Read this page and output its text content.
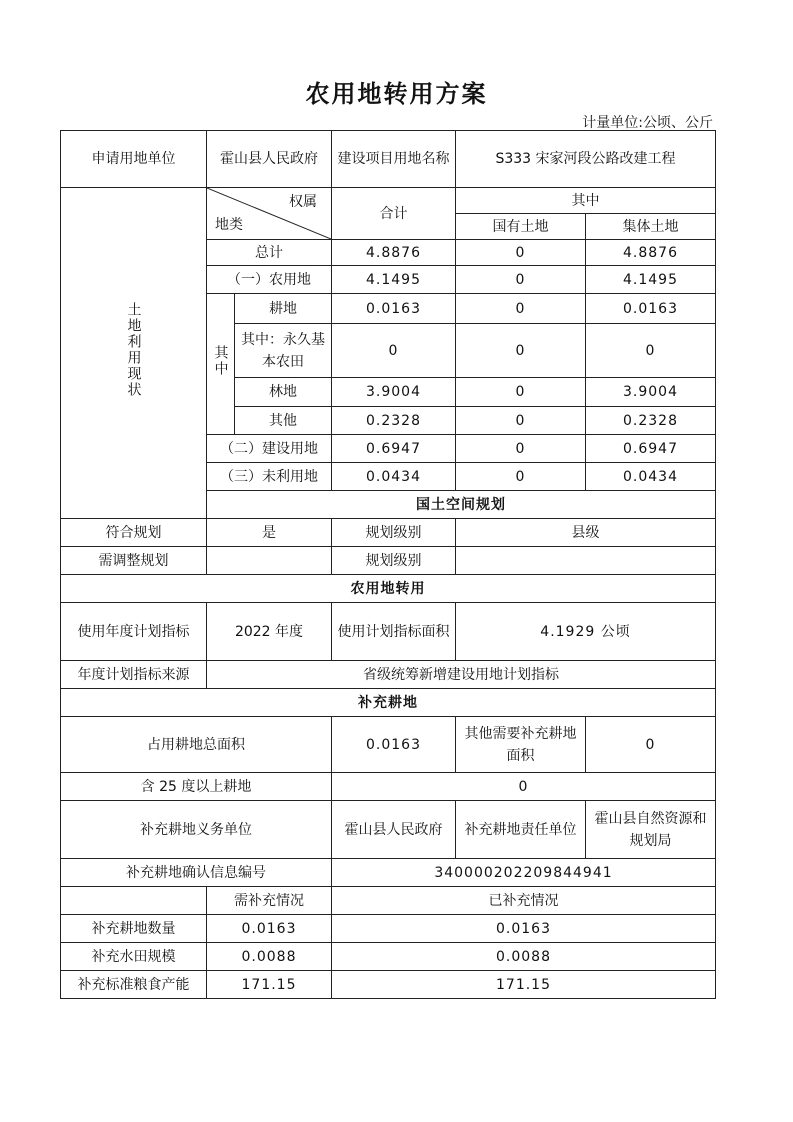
农用地转用方案
计量单位:公顷、公斤
申请用地单位	霍山县人民政府		建设项目用地名称	S333 宋家河段公路改建工程	
土地利用现状	权属
地类		合计	其中	
				国有土地	集体土地
	总计		4.8876	0	4.8876
	（一）农用地		4.1495	0	4.1495
	其中	耕地	0.0163	0	0.0163
		其中：永久基本农田	0	0	0
		林地	3.9004	0	3.9004
		其他	0.2328	0	0.2328
	（二）建设用地		0.6947	0	0.6947
	（三）未利用地		0.0434	0	0.0434
	国土空间规划				
符合规划	是		规划级别	县级	
需调整规划			规划级别		
农用地转用					
使用年度计划指标	2022 年度		使用计划指标面积	4.1929 公顷	
年度计划指标来源	省级统筹新增建设用地计划指标				
补充耕地					
占用耕地总面积			0.0163	其他需要补充耕地面积	0
含 25 度以上耕地			0		
补充耕地义务单位			霍山县人民政府	补充耕地责任单位	霍山县自然资源和规划局
补充耕地确认信息编号			340000202209844941		
	需补充情况		已补充情况		
补充耕地数量	0.0163		0.0163		
补充水田规模	0.0088		0.0088		
补充标准粮食产能	171.15		171.15		
